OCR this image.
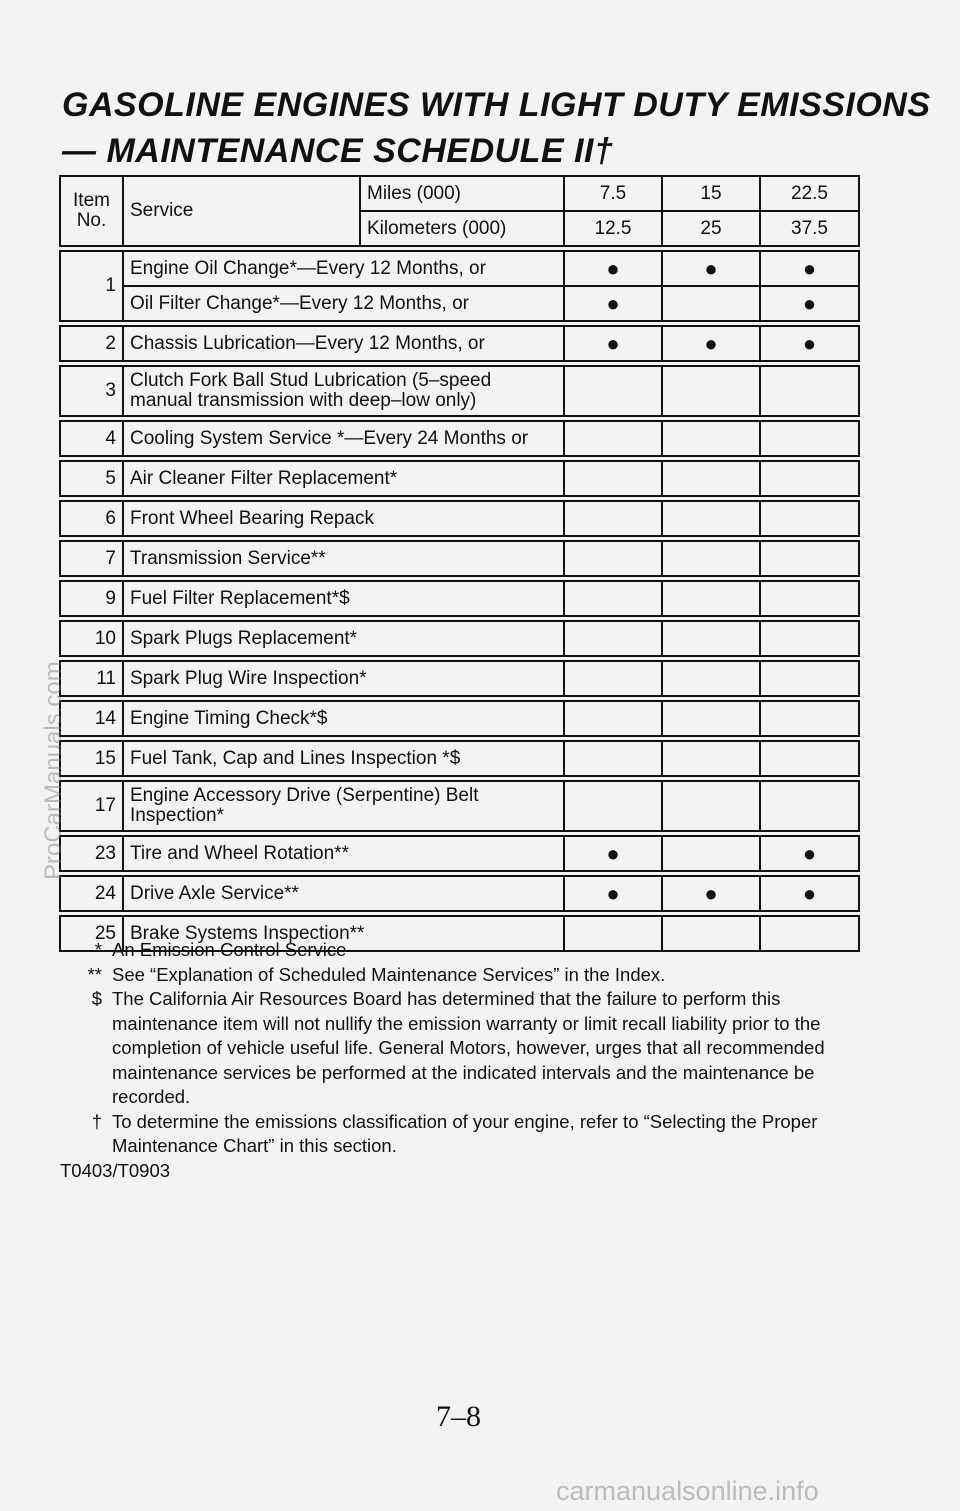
GASOLINE ENGINES WITH LIGHT DUTY EMISSIONS
— MAINTENANCE SCHEDULE II†
Item No.	Service	Miles (000)	7.5	15	22.5
		Kilometers (000)	12.5	25	37.5

1	Engine Oil Change*—Every 12 Months, or		●	●	●
	Oil Filter Change*—Every 12 Months, or		●		●

2	Chassis Lubrication—Every 12 Months, or		●	●	●

3	Clutch Fork Ball Stud Lubrication (5–speed manual transmission with deep–low only)				

4	Cooling System Service *—Every 24 Months or				

5	Air Cleaner Filter Replacement*				

6	Front Wheel Bearing Repack				

7	Transmission Service**				

9	Fuel Filter Replacement*$				

10	Spark Plugs Replacement*				

11	Spark Plug Wire Inspection*				

14	Engine Timing Check*$				

15	Fuel Tank, Cap and Lines Inspection *$				

17	Engine Accessory Drive (Serpentine) Belt Inspection*				

23	Tire and Wheel Rotation**		●		●

24	Drive Axle Service**		●	●	●

25	Brake Systems Inspection**				
* An Emission Control Service
** See “Explanation of Scheduled Maintenance Services” in the Index.
$ The California Air Resources Board has determined that the failure to perform this maintenance item will not nullify the emission warranty or limit recall liability prior to the completion of vehicle useful life. General Motors, however, urges that all recommended maintenance services be performed at the indicated intervals and the maintenance be recorded.
† To determine the emissions classification of your engine, refer to “Selecting the Proper Maintenance Chart” in this section.
T0403/T0903
7–8
ProCarManuals.com
carmanualsonline.info
